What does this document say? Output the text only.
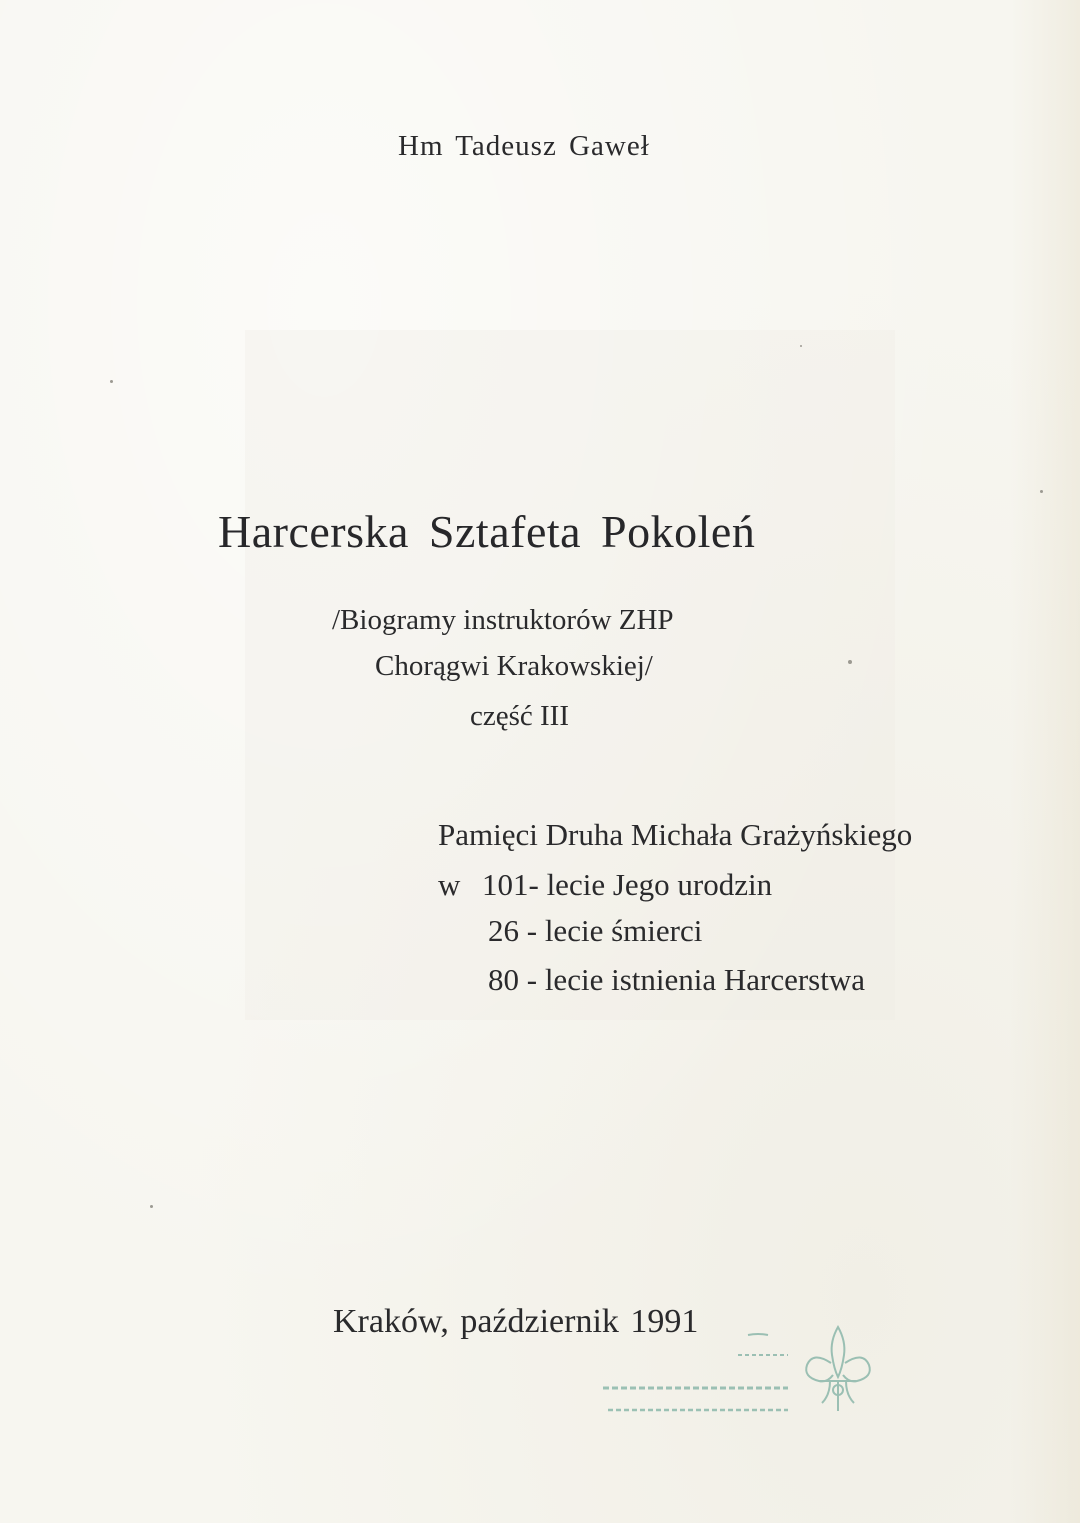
Hm Tadeusz Gaweł

Harcerska Sztafeta Pokoleń

/Biogramy instruktorów ZHP

Chorągwi Krakowskiej/

część III

Pamięci Druha Michała Grażyńskiego

w 101- lecie Jego urodzin

26 - lecie śmierci

80 - lecie istnienia Harcerstwa

Kraków, październik 1991
